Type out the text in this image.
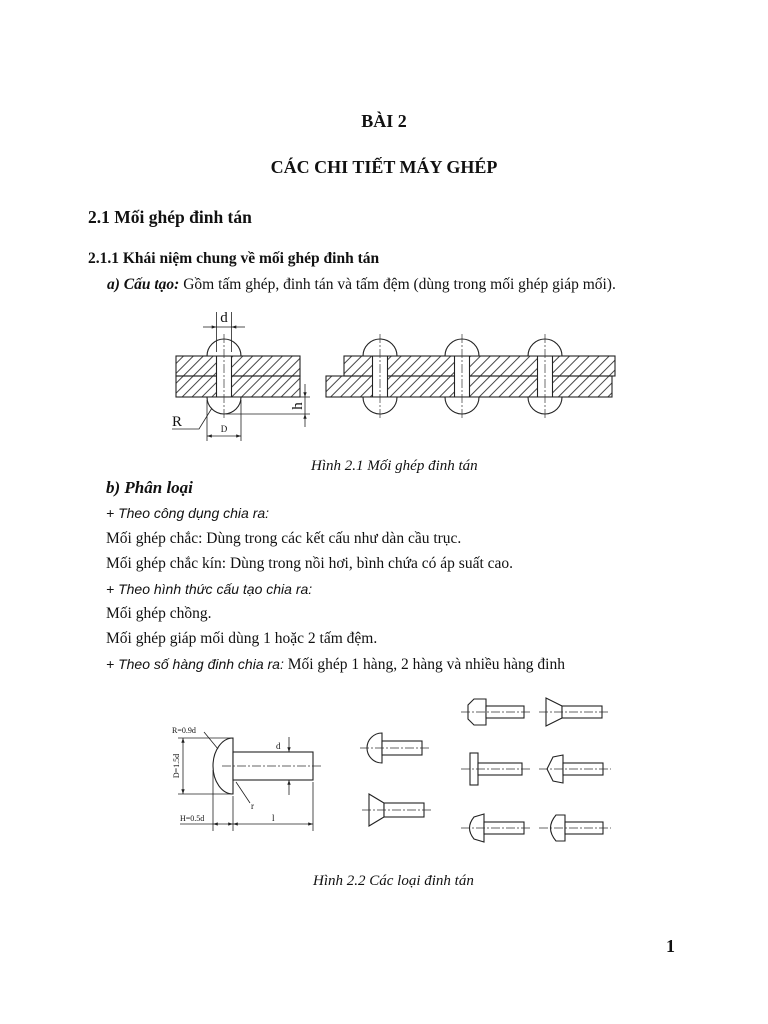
BÀI 2
CÁC CHI TIẾT MÁY GHÉP
2.1 Mối ghép đinh tán
2.1.1 Khái niệm chung về mối ghép đinh tán
a) Cấu tạo: Gồm tấm ghép, đinh tán và tấm đệm (dùng trong mối ghép giáp mối).
d
R	D
h
Hình 2.1 Mối ghép đinh tán
b) Phân loại
+ Theo công dụng chia ra:
Mối ghép chắc: Dùng trong các kết cấu như dàn cầu trục.
Mối ghép chắc kín: Dùng trong nồi hơi, bình chứa có áp suất cao.
+ Theo hình thức cấu tạo chia ra:
Mối ghép chồng.
Mối ghép giáp mối dùng 1 hoặc 2 tấm đệm.
+ Theo số hàng đinh chia ra: Mối ghép 1 hàng, 2 hàng và nhiều hàng đinh
D=1.5d
R=0.9d
r
d
H=0.5d	l
Hình 2.2 Các loại đinh tán
1
